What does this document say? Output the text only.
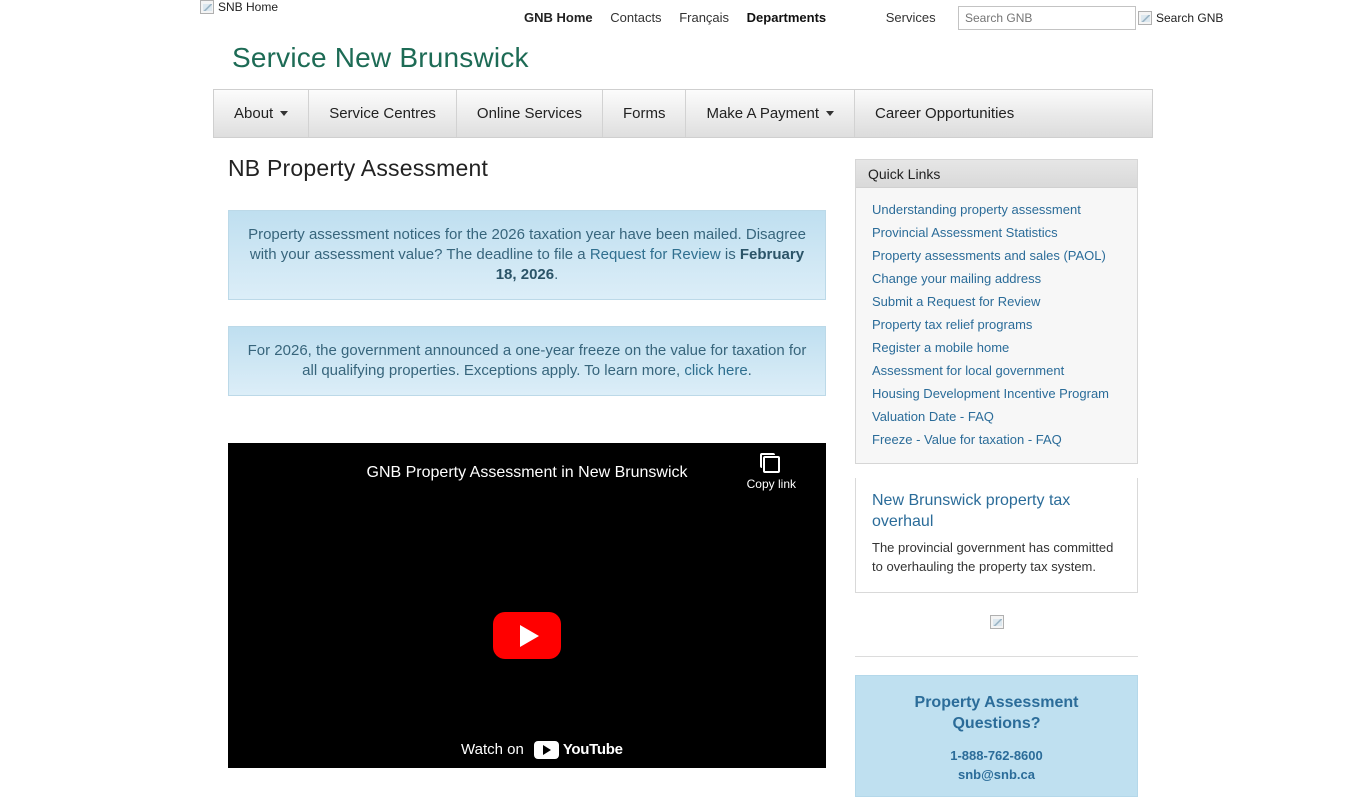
SNB Home
GNB Home Contacts Français Departments	Services
Search GNB	Search GNB
Service New Brunswick
About	Service Centres	Online Services	Forms	Make A Payment	Career Opportunities
NB Property Assessment
Property assessment notices for the 2026 taxation year have been mailed. Disagree with your assessment value? The deadline to file a Request for Review is February 18, 2026.
For 2026, the government announced a one-year freeze on the value for taxation for all qualifying properties. Exceptions apply. To learn more, click here.
GNB Property Assessment in New Brunswick
Copy link
Watch on	YouTube
Quick Links
Understanding property assessment
Provincial Assessment Statistics
Property assessments and sales (PAOL)
Change your mailing address
Submit a Request for Review
Property tax relief programs
Register a mobile home
Assessment for local government
Housing Development Incentive Program
Valuation Date - FAQ
Freeze - Value for taxation - FAQ
New Brunswick property tax overhaul
The provincial government has committed to overhauling the property tax system.
Property Assessment Questions?
1-888-762-8600
snb@snb.ca
